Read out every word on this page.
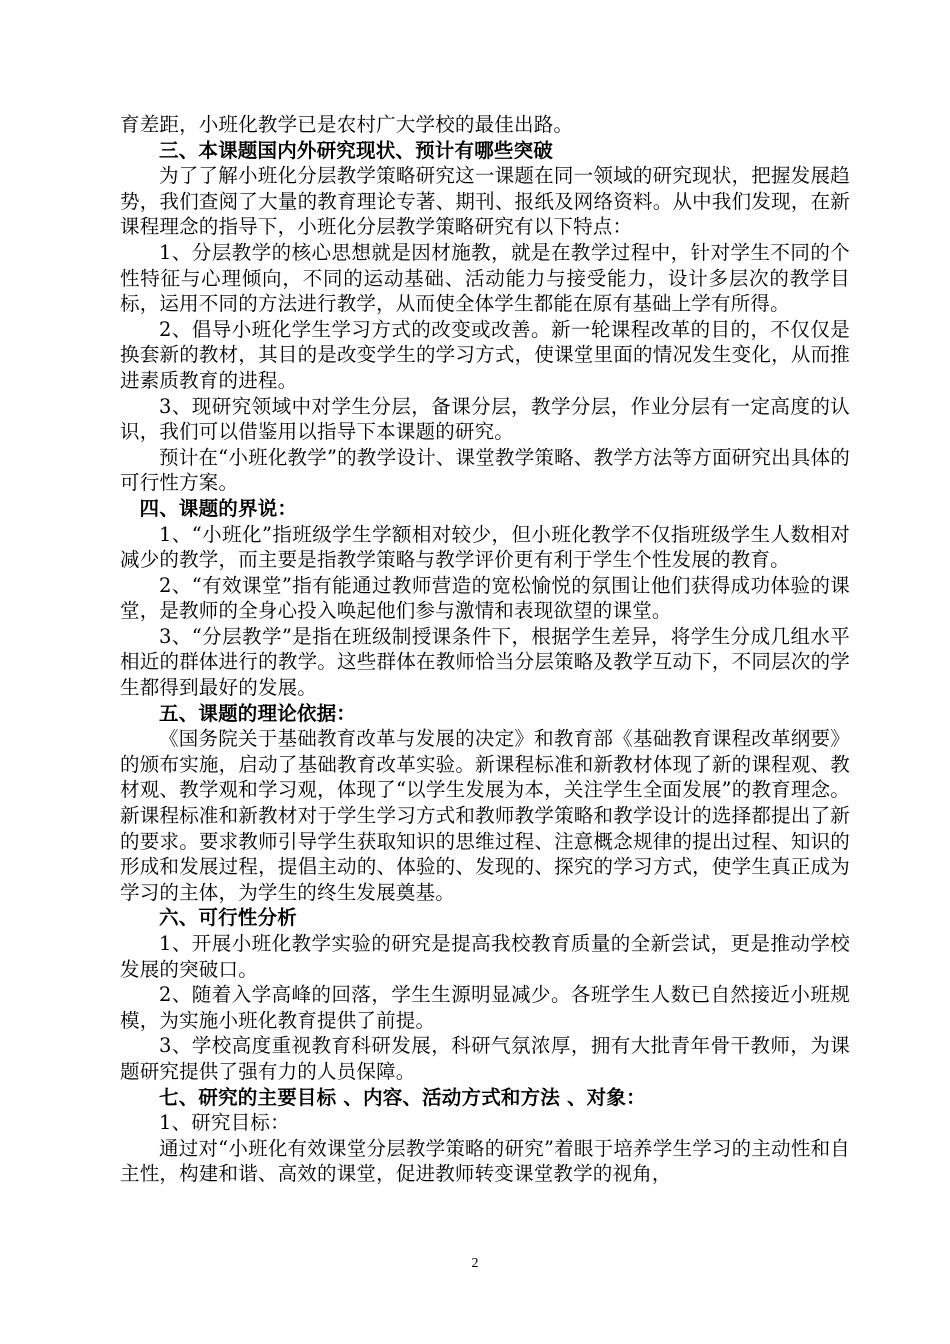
育差距，小班化教学已是农村广大学校的最佳出路。

三、本课题国内外研究现状、预计有哪些突破

为了了解小班化分层教学策略研究这一课题在同一领域的研究现状，把握发展趋势，我们查阅了大量的教育理论专著、期刊、报纸及网络资料。从中我们发现，在新课程理念的指导下，小班化分层教学策略研究有以下特点：

1、分层教学的核心思想就是因材施教，就是在教学过程中，针对学生不同的个性特征与心理倾向，不同的运动基础、活动能力与接受能力，设计多层次的教学目标，运用不同的方法进行教学，从而使全体学生都能在原有基础上学有所得。

2、倡导小班化学生学习方式的改变或改善。新一轮课程改革的目的，不仅仅是换套新的教材，其目的是改变学生的学习方式，使课堂里面的情况发生变化，从而推进素质教育的进程。

3、现研究领域中对学生分层，备课分层，教学分层，作业分层有一定高度的认识，我们可以借鉴用以指导下本课题的研究。

预计在“小班化教学”的教学设计、课堂教学策略、教学方法等方面研究出具体的可行性方案。

四、课题的界说：

1、“小班化”指班级学生学额相对较少，但小班化教学不仅指班级学生人数相对减少的教学，而主要是指教学策略与教学评价更有利于学生个性发展的教育。

2、“有效课堂”指有能通过教师营造的宽松愉悦的氛围让他们获得成功体验的课堂，是教师的全身心投入唤起他们参与激情和表现欲望的课堂。

3、“分层教学”是指在班级制授课条件下，根据学生差异，将学生分成几组水平相近的群体进行的教学。这些群体在教师恰当分层策略及教学互动下，不同层次的学生都得到最好的发展。

五、课题的理论依据：

《国务院关于基础教育改革与发展的决定》和教育部《基础教育课程改革纲要》的颁布实施，启动了基础教育改革实验。新课程标准和新教材体现了新的课程观、教材观、教学观和学习观，体现了“以学生发展为本，关注学生全面发展”的教育理念。新课程标准和新教材对于学生学习方式和教师教学策略和教学设计的选择都提出了新的要求。要求教师引导学生获取知识的思维过程、注意概念规律的提出过程、知识的形成和发展过程，提倡主动的、体验的、发现的、探究的学习方式，使学生真正成为学习的主体，为学生的终生发展奠基。

六、可行性分析

1、开展小班化教学实验的研究是提高我校教育质量的全新尝试，更是推动学校发展的突破口。

2、随着入学高峰的回落，学生生源明显减少。各班学生人数已自然接近小班规模，为实施小班化教育提供了前提。

3、学校高度重视教育科研发展，科研气氛浓厚，拥有大批青年骨干教师，为课题研究提供了强有力的人员保障。

七、研究的主要目标 、内容、活动方式和方法 、对象：

1、研究目标：

通过对“小班化有效课堂分层教学策略的研究”着眼于培养学生学习的主动性和自主性，构建和谐、高效的课堂，促进教师转变课堂教学的视角，

2
